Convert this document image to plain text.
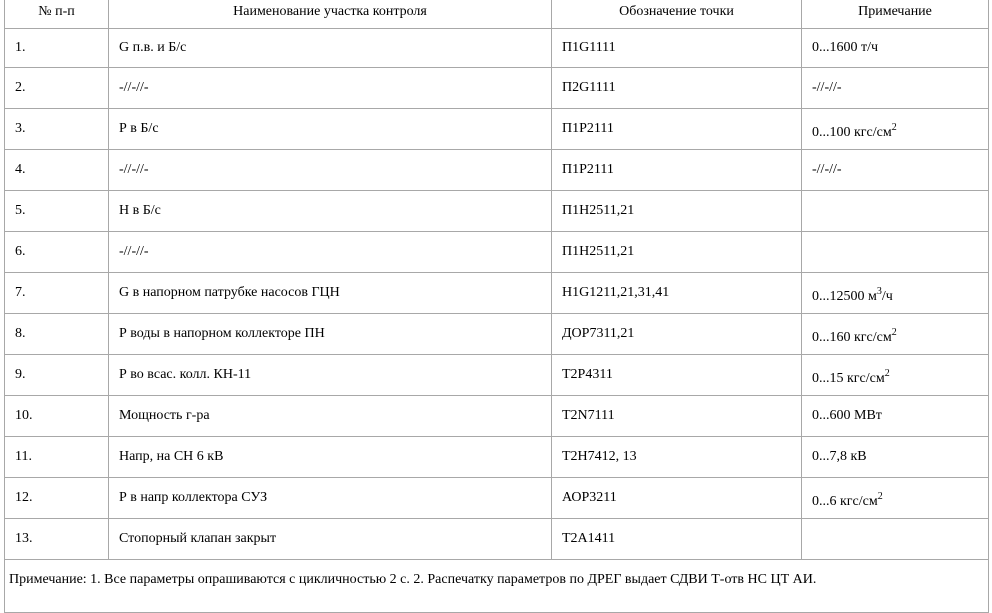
№ п-п	Наименование участка контроля	Обозначение точки	Примечание
1.	G п.в. и Б/с	П1G1111	0...1600 т/ч
2.	-//-//-	П2G1111	-//-//-
3.	Р в Б/с	П1Р2111	0...100 кгс/$см^2$
4.	-//-//-	П1Р2111	-//-//-
5.	Н в Б/с	П1Н2511,21	
6.	-//-//-	П1Н2511,21	
7.	G в напорном патрубке насосов ГЦН	Н1G1211,21,31,41	0...12500 $м^3/ч$
8.	Р воды в напорном коллекторе ПН	ДОР7311,21	0...160 кгс/$см^2$
9.	Р во всас. колл. КН-11	Т2Р4311	0...15 кгс/$см^2$
10.	Мощность г-ра	Т2N7111	0...600 МВт
11.	Напр, на СН 6 кВ	Т2Н7412, 13	0...7,8 кВ
12.	Р в напр коллектора СУЗ	АОР3211	0...6 кгс/$см^2$
13.	Стопорный клапан закрыт	Т2А1411	
Примечание: 1. Все параметры опрашиваются с цикличностью 2 с. 2. Распечатку параметров по ДРЕГ выдает СДВИ Т-отв НС ЦТ АИ.			
